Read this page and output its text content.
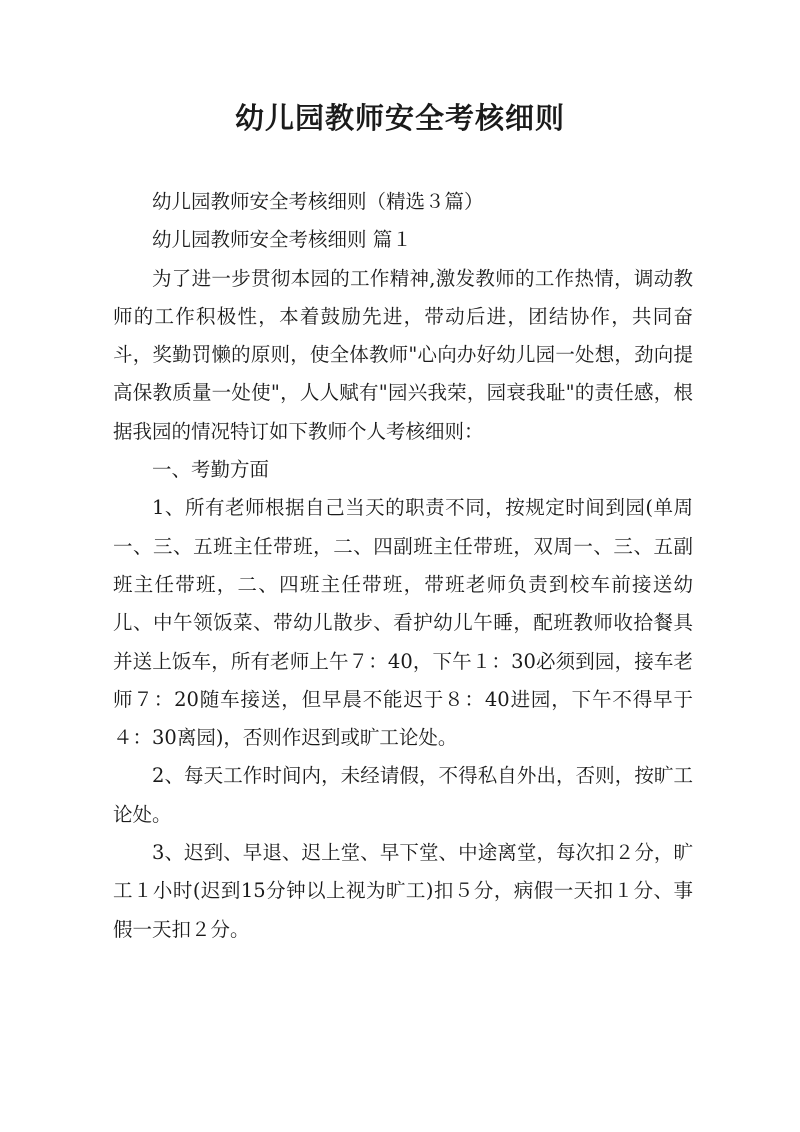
幼儿园教师安全考核细则

幼儿园教师安全考核细则（精选３篇）

幼儿园教师安全考核细则 篇１

为了进一步贯彻本园的工作精神,激发教师的工作热情，调动教师的工作积极性，本着鼓励先进，带动后进，团结协作，共同奋斗，奖勤罚懒的原则，使全体教师"心向办好幼儿园一处想，劲向提高保教质量一处使"，人人赋有"园兴我荣，园衰我耻"的责任感，根据我园的情况特订如下教师个人考核细则：

一、考勤方面

1、所有老师根据自己当天的职责不同，按规定时间到园(单周一、三、五班主任带班，二、四副班主任带班，双周一、三、五副班主任带班，二、四班主任带班，带班老师负责到校车前接送幼儿、中午领饭菜、带幼儿散步、看护幼儿午睡，配班教师收拾餐具并送上饭车，所有老师上午７：40，下午１：30必须到园，接车老师７：20随车接送，但早晨不能迟于８：40进园，下午不得早于４：30离园)，否则作迟到或旷工论处。

2、每天工作时间内，未经请假，不得私自外出，否则，按旷工论处。

3、迟到、早退、迟上堂、早下堂、中途离堂，每次扣２分，旷工１小时(迟到15分钟以上视为旷工)扣５分，病假一天扣１分、事假一天扣２分。
